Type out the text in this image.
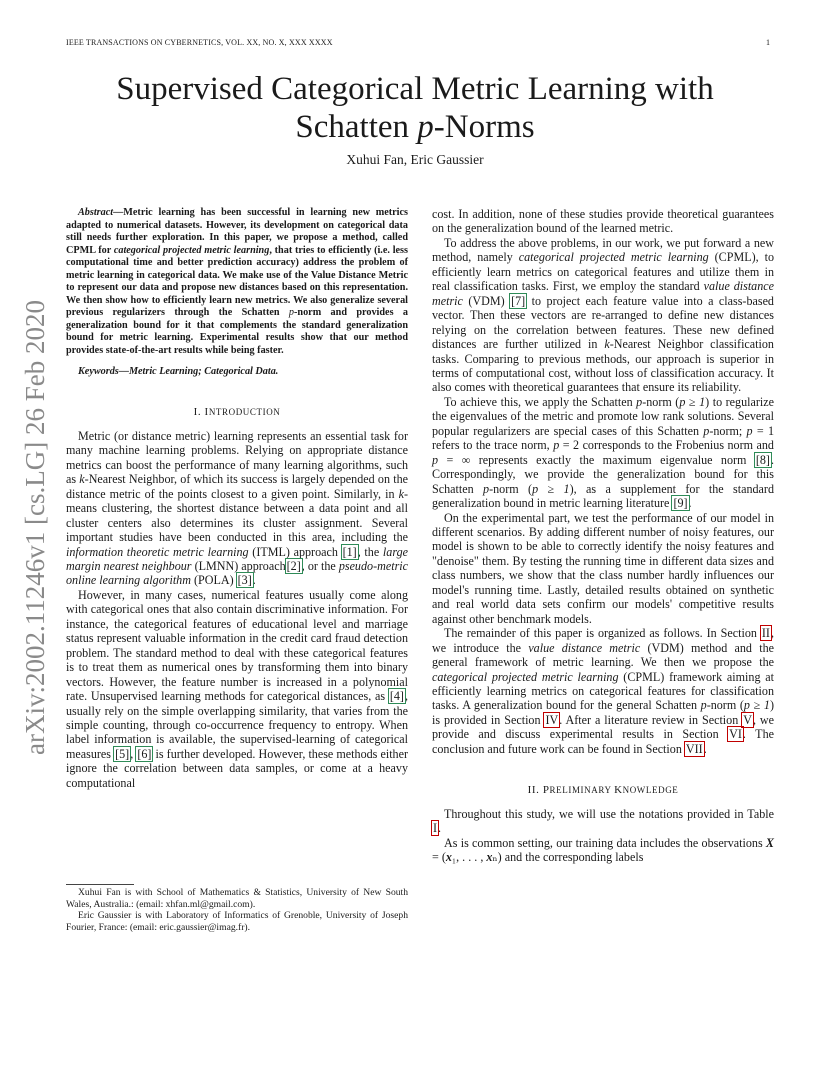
IEEE TRANSACTIONS ON CYBERNETICS, VOL. XX, NO. X, XXX XXXX	1
arXiv:2002.11246v1 [cs.LG] 26 Feb 2020
Supervised Categorical Metric Learning with
Schatten p-Norms
Xuhui Fan, Eric Gaussier

Abstract—Metric learning has been successful in learning new metrics adapted to numerical datasets. However, its development on categorical data still needs further exploration. In this paper, we propose a method, called CPML for categorical projected metric learning, that tries to efficiently (i.e. less computational time and better prediction accuracy) address the problem of metric learning in categorical data. We make use of the Value Distance Metric to represent our data and propose new distances based on this representation. We then show how to efficiently learn new metrics. We also generalize several previous regularizers through the Schatten p-norm and provides a generalization bound for it that complements the standard generalization bound for metric learning. Experimental results show that our method provides state-of-the-art results while being faster.

Keywords—Metric Learning; Categorical Data.

I. INTRODUCTION

Metric (or distance metric) learning represents an essential task for many machine learning problems. Relying on appropriate distance metrics can boost the performance of many learning algorithms, such as k-Nearest Neighbor, of which its success is largely depended on the distance metric of the points closest to a given point. Similarly, in k-means clustering, the shortest distance between a data point and all cluster centers also determines its cluster assignment. Several important studies have been conducted in this area, including the information theoretic metric learning (ITML) approach [1], the large margin nearest neighbour (LMNN) approach[2], or the pseudo-metric online learning algorithm (POLA) [3].

However, in many cases, numerical features usually come along with categorical ones that also contain discriminative information. For instance, the categorical features of educational level and marriage status represent valuable information in the credit card fraud detection problem. The standard method to deal with these categorical features is to treat them as numerical ones by transforming them into binary vectors. However, the feature number is increased in a polynomial rate. Unsupervised learning methods for categorical distances, as [4], usually rely on the simple overlapping similarity, that varies from the simple counting, through co-occurrence frequency to entropy. When label information is available, the supervised-learning of categorical measures [5], [6] is further developed. However, these methods either ignore the correlation between data samples, or come at a heavy computational

Xuhui Fan is with School of Mathematics & Statistics, University of New South Wales, Australia.: (email: xhfan.ml@gmail.com).

Eric Gaussier is with Laboratory of Informatics of Grenoble, University of Joseph Fourier, France: (email: eric.gaussier@imag.fr).

cost. In addition, none of these studies provide theoretical guarantees on the generalization bound of the learned metric.

To address the above problems, in our work, we put forward a new method, namely categorical projected metric learning (CPML), to efficiently learn metrics on categorical features and utilize them in real classification tasks. First, we employ the standard value distance metric (VDM) [7] to project each feature value into a class-based vector. Then these vectors are re-arranged to define new distances relying on the correlation between features. These new defined distances are further utilized in k-Nearest Neighbor classification tasks. Comparing to previous methods, our approach is superior in terms of computational cost, without loss of classification accuracy. It also comes with theoretical guarantees that ensure its reliability.

To achieve this, we apply the Schatten p-norm (p ≥ 1) to regularize the eigenvalues of the metric and promote low rank solutions. Several popular regularizers are special cases of this Schatten p-norm; p = 1 refers to the trace norm, p = 2 corresponds to the Frobenius norm and p = ∞ represents exactly the maximum eigenvalue norm [8]. Correspondingly, we provide the generalization bound for this Schatten p-norm (p ≥ 1), as a supplement for the standard generalization bound in metric learning literature [9].

On the experimental part, we test the performance of our model in different scenarios. By adding different number of noisy features, our model is shown to be able to correctly identify the noisy features and "denoise" them. By testing the running time in different data sizes and class numbers, we show that the class number hardly influences our model's running time. Lastly, detailed results obtained on synthetic and real world data sets confirm our models' competitive results against other benchmark models.

The remainder of this paper is organized as follows. In Section II, we introduce the value distance metric (VDM) method and the general framework of metric learning. We then we propose the categorical projected metric learning (CPML) framework aiming at efficiently learning metrics on categorical features for classification tasks. A generalization bound for the general Schatten p-norm (p ≥ 1) is provided in Section IV. After a literature review in Section V, we provide and discuss experimental results in Section VI. The conclusion and future work can be found in Section VII.

II. PRELIMINARY KNOWLEDGE

Throughout this study, we will use the notations provided in Table I.

As is common setting, our training data includes the observations X = (x₁, . . . , xₙ) and the corresponding labels
